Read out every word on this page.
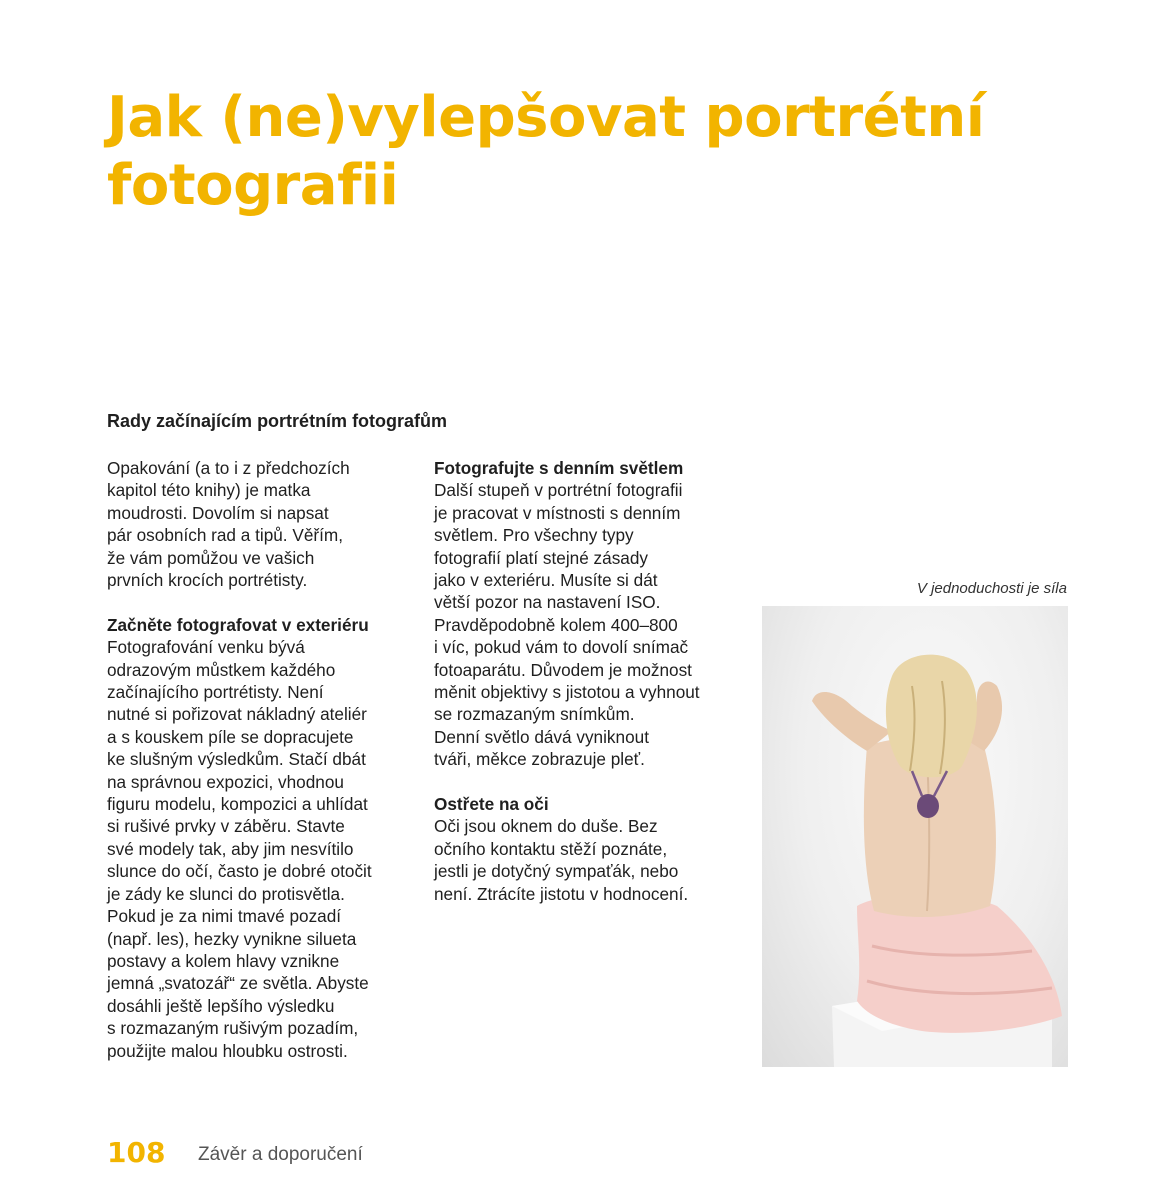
Jak (ne)vylepšovat portrétní fotografii
Rady začínajícím portrétním fotografům

Opakování (a to i z předchozích

kapitol této knihy) je matka

moudrosti. Dovolím si napsat

pár osobních rad a tipů. Věřím,

že vám pomůžou ve vašich

prvních krocích portrétisty.

Začněte fotografovat v exteriéru

Fotografování venku bývá

odrazovým můstkem každého

začínajícího portrétisty. Není

nutné si pořizovat nákladný ateliér

a s kouskem píle se dopracujete

ke slušným výsledkům. Stačí dbát

na správnou expozici, vhodnou

figuru modelu, kompozici a uhlídat

si rušivé prvky v záběru. Stavte

své modely tak, aby jim nesvítilo

slunce do očí, často je dobré otočit

je zády ke slunci do protisvětla.

Pokud je za nimi tmavé pozadí

(např. les), hezky vynikne silueta

postavy a kolem hlavy vznikne

jemná „svatozář“ ze světla. Abyste

dosáhli ještě lepšího výsledku

s rozmazaným rušivým pozadím,

použijte malou hloubku ostrosti.

Fotografujte s denním světlem

Další stupeň v portrétní fotografii

je pracovat v místnosti s denním

světlem. Pro všechny typy

fotografií platí stejné zásady

jako v exteriéru. Musíte si dát

větší pozor na nastavení ISO.

Pravděpodobně kolem 400–800

i víc, pokud vám to dovolí snímač

fotoaparátu. Důvodem je možnost

měnit objektivy s jistotou a vyhnout

se rozmazaným snímkům.

Denní světlo dává vyniknout

tváři, měkce zobrazuje pleť.

Ostřete na oči

Oči jsou oknem do duše. Bez

očního kontaktu stěží poznáte,

jestli je dotyčný sympaťák, nebo

není. Ztrácíte jistotu v hodnocení.

V jednoduchosti je síla

108 Závěr a doporučení
